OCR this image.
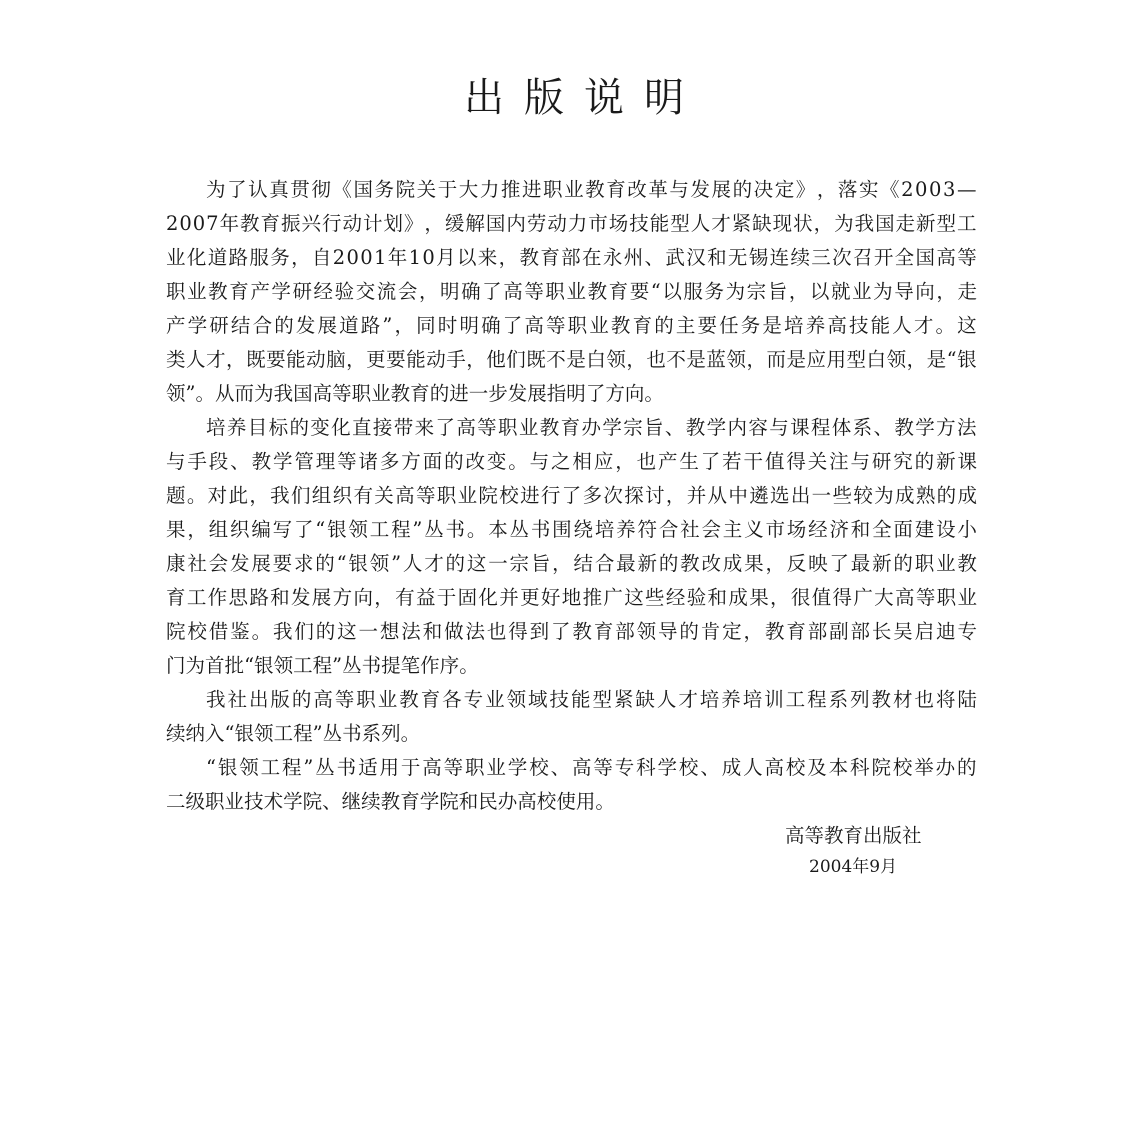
出版说明
为 了 认 真 贯 彻 《 国 务 院 关 于 大 力 推 进 职 业 教 育 改 革 与 发 展 的 决 定 》 ， 落 实 《 2 0 0 3 —
2 0 0 7 年 教 育 振 兴 行 动 计 划 》 ， 缓 解 国 内 劳 动 力 市 场 技 能 型 人 才 紧 缺 现 状 ， 为 我 国 走 新 型 工
业 化 道 路 服 务 ， 自 2 0 0 1 年 1 0 月 以 来 ， 教 育 部 在 永 州 、 武 汉 和 无 锡 连 续 三 次 召 开 全 国 高 等
职 业 教 育 产 学 研 经 验 交 流 会 ， 明 确 了 高 等 职 业 教 育 要 “ 以 服 务 为 宗 旨 ， 以 就 业 为 导 向 ， 走
产 学 研 结 合 的 发 展 道 路 ” ， 同 时 明 确 了 高 等 职 业 教 育 的 主 要 任 务 是 培 养 高 技 能 人 才 。 这
类 人 才 ， 既 要 能 动 脑 ， 更 要 能 动 手 ， 他 们 既 不 是 白 领 ， 也 不 是 蓝 领 ， 而 是 应 用 型 白 领 ， 是 “ 银
领 ” 。 从 而 为 我 国 高 等 职 业 教 育 的 进 一 步 发 展 指 明 了 方 向 。
培 养 目 标 的 变 化 直 接 带 来 了 高 等 职 业 教 育 办 学 宗 旨 、 教 学 内 容 与 课 程 体 系 、 教 学 方 法
与 手 段 、 教 学 管 理 等 诸 多 方 面 的 改 变 。 与 之 相 应 ， 也 产 生 了 若 干 值 得 关 注 与 研 究 的 新 课
题 。 对 此 ， 我 们 组 织 有 关 高 等 职 业 院 校 进 行 了 多 次 探 讨 ， 并 从 中 遴 选 出 一 些 较 为 成 熟 的 成
果 ， 组 织 编 写 了 “ 银 领 工 程 ” 丛 书 。 本 丛 书 围 绕 培 养 符 合 社 会 主 义 市 场 经 济 和 全 面 建 设 小
康 社 会 发 展 要 求 的 “ 银 领 ” 人 才 的 这 一 宗 旨 ， 结 合 最 新 的 教 改 成 果 ， 反 映 了 最 新 的 职 业 教
育 工 作 思 路 和 发 展 方 向 ， 有 益 于 固 化 并 更 好 地 推 广 这 些 经 验 和 成 果 ， 很 值 得 广 大 高 等 职 业
院 校 借 鉴 。 我 们 的 这 一 想 法 和 做 法 也 得 到 了 教 育 部 领 导 的 肯 定 ， 教 育 部 副 部 长 吴 启 迪 专
门 为 首 批 “ 银 领 工 程 ” 丛 书 提 笔 作 序 。
我 社 出 版 的 高 等 职 业 教 育 各 专 业 领 域 技 能 型 紧 缺 人 才 培 养 培 训 工 程 系 列 教 材 也 将 陆
续 纳 入 “ 银 领 工 程 ” 丛 书 系 列 。
“ 银 领 工 程 ” 丛 书 适 用 于 高 等 职 业 学 校 、 高 等 专 科 学 校 、 成 人 高 校 及 本 科 院 校 举 办 的
二 级 职 业 技 术 学 院 、 继 续 教 育 学 院 和 民 办 高 校 使 用 。
高等教育出版社
2004年9月
